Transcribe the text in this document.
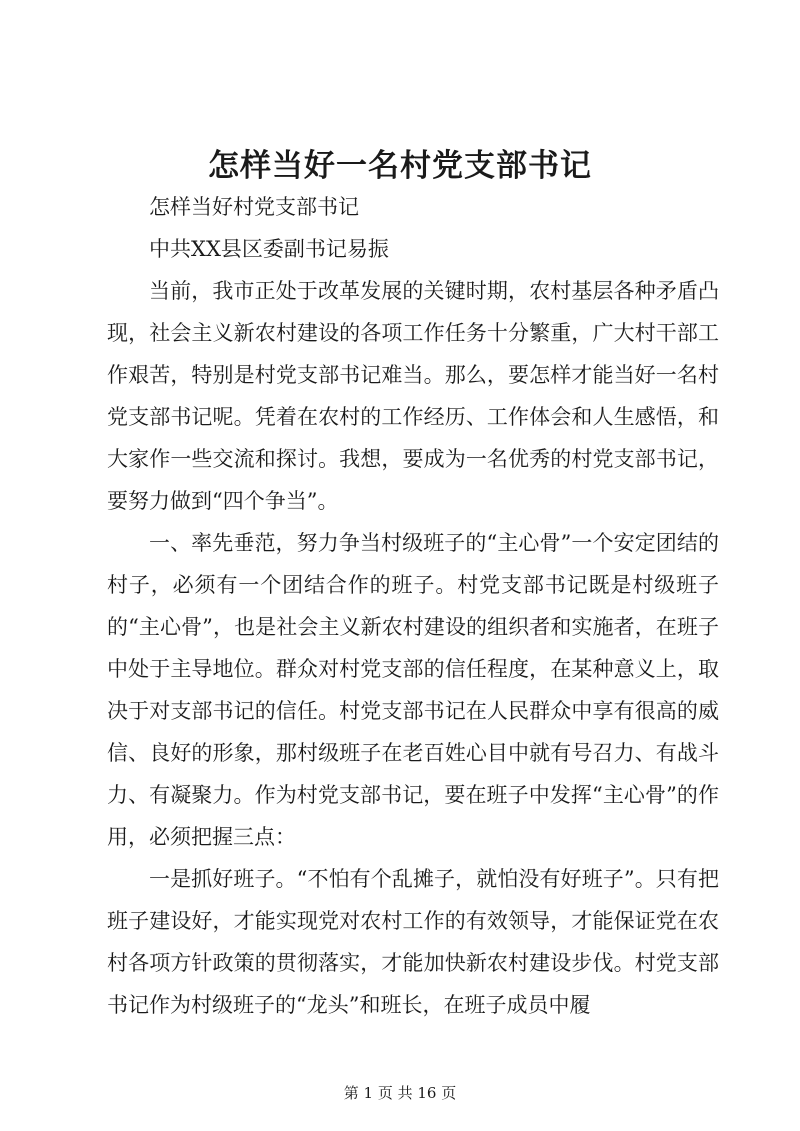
怎样当好一名村党支部书记

怎样当好村党支部书记

中共XX县区委副书记易振

当前，我市正处于改革发展的关键时期，农村基层各种矛盾凸现，社会主义新农村建设的各项工作任务十分繁重，广大村干部工作艰苦，特别是村党支部书记难当。那么，要怎样才能当好一名村党支部书记呢。凭着在农村的工作经历、工作体会和人生感悟，和大家作一些交流和探讨。我想，要成为一名优秀的村党支部书记，要努力做到“四个争当”。

一、率先垂范，努力争当村级班子的“主心骨”一个安定团结的村子，必须有一个团结合作的班子。村党支部书记既是村级班子的“主心骨”，也是社会主义新农村建设的组织者和实施者，在班子中处于主导地位。群众对村党支部的信任程度，在某种意义上，取决于对支部书记的信任。村党支部书记在人民群众中享有很高的威信、良好的形象，那村级班子在老百姓心目中就有号召力、有战斗力、有凝聚力。作为村党支部书记，要在班子中发挥“主心骨”的作用，必须把握三点：

一是抓好班子。“不怕有个乱摊子，就怕没有好班子”。只有把班子建设好，才能实现党对农村工作的有效领导，才能保证党在农村各项方针政策的贯彻落实，才能加快新农村建设步伐。村党支部书记作为村级班子的“龙头”和班长，在班子成员中履

第 1 页 共 16 页
